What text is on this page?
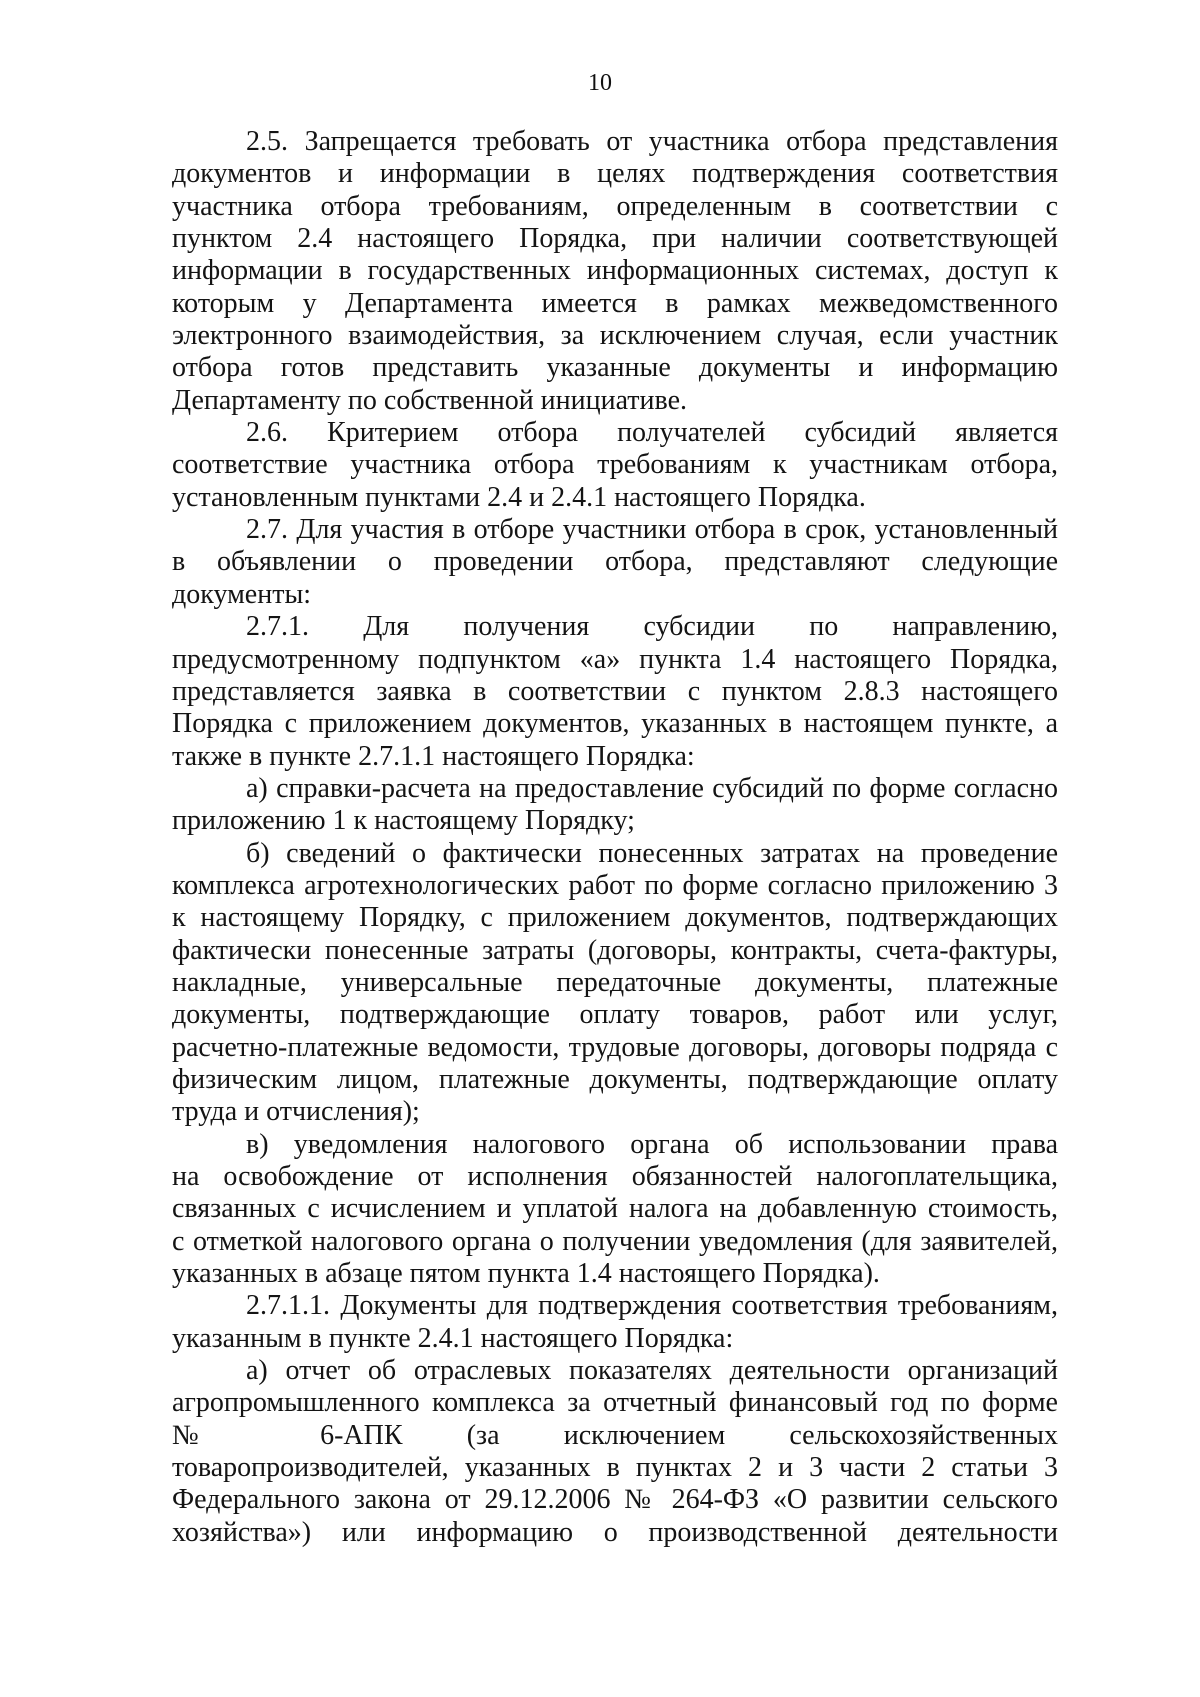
10
2.5. Запрещается требовать от участника отбора представления
документов и информации в целях подтверждения соответствия
участника отбора требованиям, определенным в соответствии с
пунктом 2.4 настоящего Порядка, при наличии соответствующей
информации в государственных информационных системах, доступ к
которым у Департамента имеется в рамках межведомственного
электронного взаимодействия, за исключением случая, если участник
отбора готов представить указанные документы и информацию
Департаменту по собственной инициативе.
2.6. Критерием отбора получателей субсидий является
соответствие участника отбора требованиям к участникам отбора,
установленным пунктами 2.4 и 2.4.1 настоящего Порядка.
2.7. Для участия в отборе участники отбора в срок, установленный
в объявлении о проведении отбора, представляют следующие
документы:
2.7.1. Для получения субсидии по направлению,
предусмотренному подпунктом «а» пункта 1.4 настоящего Порядка,
представляется заявка в соответствии с пунктом 2.8.3 настоящего
Порядка с приложением документов, указанных в настоящем пункте, а
также в пункте 2.7.1.1 настоящего Порядка:
а) справки-расчета на предоставление субсидий по форме согласно
приложению 1 к настоящему Порядку;
б) сведений о фактически понесенных затратах на проведение
комплекса агротехнологических работ по форме согласно приложению 3
к настоящему Порядку, с приложением документов, подтверждающих
фактически понесенные затраты (договоры, контракты, счета-фактуры,
накладные, универсальные передаточные документы, платежные
документы, подтверждающие оплату товаров, работ или услуг,
расчетно-платежные ведомости, трудовые договоры, договоры подряда с
физическим лицом, платежные документы, подтверждающие оплату
труда и отчисления);
в) уведомления налогового органа об использовании права
на освобождение от исполнения обязанностей налогоплательщика,
связанных с исчислением и уплатой налога на добавленную стоимость,
с отметкой налогового органа о получении уведомления (для заявителей,
указанных в абзаце пятом пункта 1.4 настоящего Порядка).
2.7.1.1. Документы для подтверждения соответствия требованиям,
указанным в пункте 2.4.1 настоящего Порядка:
а) отчет об отраслевых показателях деятельности организаций
агропромышленного комплекса за отчетный финансовый год по форме
№ 6-АПК (за исключением сельскохозяйственных
товаропроизводителей, указанных в пунктах 2 и 3 части 2 статьи 3
Федерального закона от 29.12.2006 № 264-ФЗ «О развитии сельского
хозяйства») или информацию о производственной деятельности
